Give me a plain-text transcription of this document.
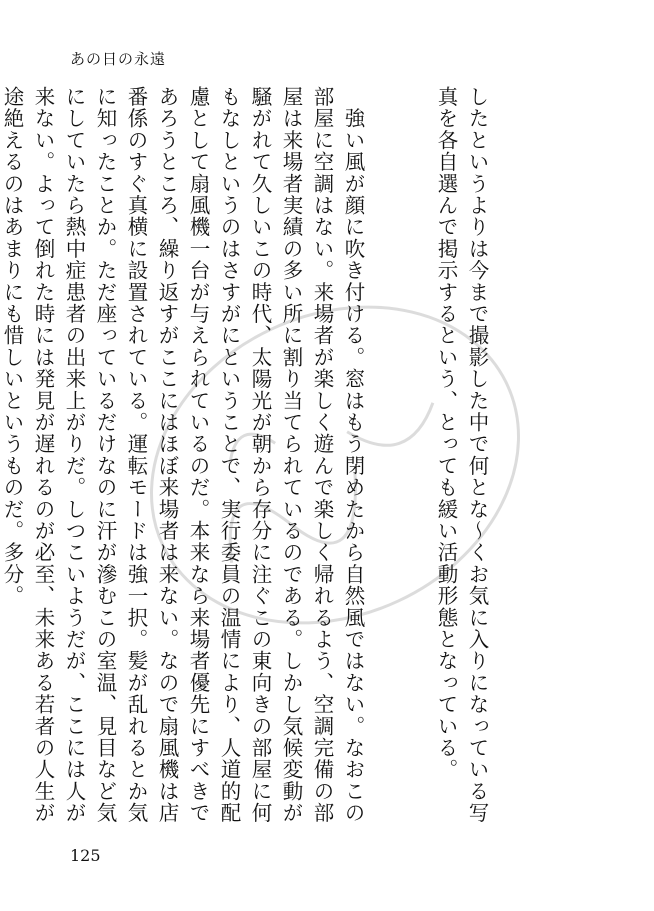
あの日の永遠

したというよりは今まで撮影した中で何とな～くお気に入りになっている写真を各自選んで掲示するという、とっても緩い活動形態となっている。

　強い風が顔に吹き付ける。窓はもう閉めたから自然風ではない。なおこの部屋に空調はない。来場者が楽しく遊んで楽しく帰れるよう、空調完備の部屋は来場者実績の多い所に割り当てられているのである。しかし気候変動が騒がれて久しいこの時代、太陽光が朝から存分に注ぐこの東向きの部屋に何もなしというのはさすがにということで、実行委員の温情により、人道的配慮として扇風機一台が与えられているのだ。本来なら来場者優先にすべきであろうところ、繰り返すがここにはほぼ来場者は来ない。なので扇風機は店番係のすぐ真横に設置されている。運転モードは強一択。髪が乱れるとか気に知ったことか。ただ座っているだけなのに汗が滲むこの室温、見目など気にしていたら熱中症患者の出来上がりだ。しつこいようだが、ここには人が来ない。よって倒れた時には発見が遅れるのが必至、未来ある若者の人生が途絶えるのはあまりにも惜しいというものだ。多分。

125
